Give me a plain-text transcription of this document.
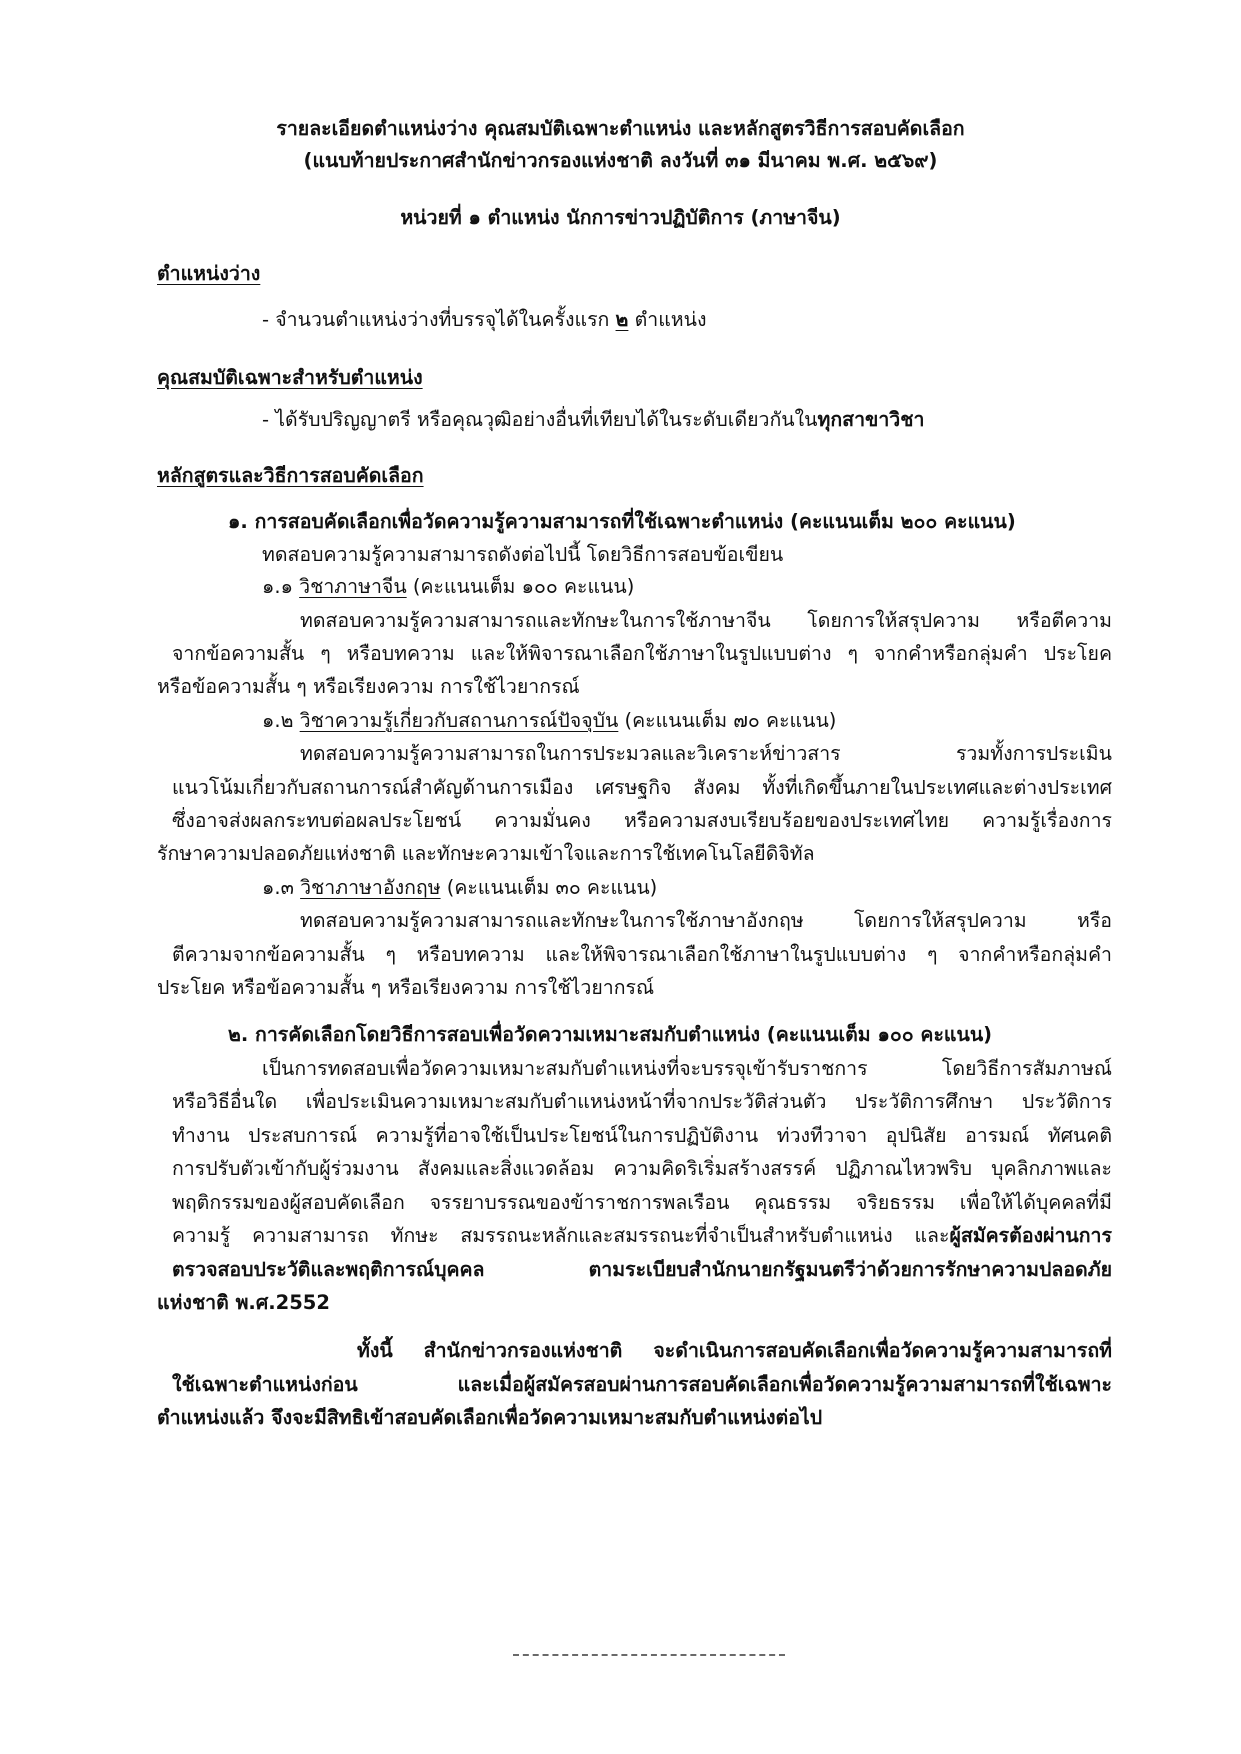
รายละเอียดตำแหน่งว่าง คุณสมบัติเฉพาะตำแหน่ง และหลักสูตรวิธีการสอบคัดเลือก
(แนบท้ายประกาศสำนักข่าวกรองแห่งชาติ ลงวันที่ ๓๑ มีนาคม พ.ศ. ๒๕๖๙)
หน่วยที่ ๑ ตำแหน่ง นักการข่าวปฏิบัติการ (ภาษาจีน)
ตำแหน่งว่าง
- จำนวนตำแหน่งว่างที่บรรจุได้ในครั้งแรก ๒ ตำแหน่ง
คุณสมบัติเฉพาะสำหรับตำแหน่ง
- ได้รับปริญญาตรี หรือคุณวุฒิอย่างอื่นที่เทียบได้ในระดับเดียวกันในทุกสาขาวิชา
หลักสูตรและวิธีการสอบคัดเลือก
๑. การสอบคัดเลือกเพื่อวัดความรู้ความสามารถที่ใช้เฉพาะตำแหน่ง (คะแนนเต็ม ๒๐๐ คะแนน)
ทดสอบความรู้ความสามารถดังต่อไปนี้ โดยวิธีการสอบข้อเขียน
๑.๑ วิชาภาษาจีน (คะแนนเต็ม ๑๐๐ คะแนน)
ทดสอบความรู้ความสามารถและทักษะในการใช้ภาษาจีน โดยการให้สรุปความ หรือตีความ
จากข้อความสั้น ๆ หรือบทความ และให้พิจารณาเลือกใช้ภาษาในรูปแบบต่าง ๆ จากคำหรือกลุ่มคำ ประโยค
หรือข้อความสั้น ๆ หรือเรียงความ การใช้ไวยากรณ์
๑.๒ วิชาความรู้เกี่ยวกับสถานการณ์ปัจจุบัน (คะแนนเต็ม ๗๐ คะแนน)
ทดสอบความรู้ความสามารถในการประมวลและวิเคราะห์ข่าวสาร รวมทั้งการประเมิน
แนวโน้มเกี่ยวกับสถานการณ์สำคัญด้านการเมือง เศรษฐกิจ สังคม ทั้งที่เกิดขึ้นภายในประเทศและต่างประเทศ
ซึ่งอาจส่งผลกระทบต่อผลประโยชน์ ความมั่นคง หรือความสงบเรียบร้อยของประเทศไทย ความรู้เรื่องการ
รักษาความปลอดภัยแห่งชาติ และทักษะความเข้าใจและการใช้เทคโนโลยีดิจิทัล
๑.๓ วิชาภาษาอังกฤษ (คะแนนเต็ม ๓๐ คะแนน)
ทดสอบความรู้ความสามารถและทักษะในการใช้ภาษาอังกฤษ โดยการให้สรุปความ หรือ
ตีความจากข้อความสั้น ๆ หรือบทความ และให้พิจารณาเลือกใช้ภาษาในรูปแบบต่าง ๆ จากคำหรือกลุ่มคำ
ประโยค หรือข้อความสั้น ๆ หรือเรียงความ การใช้ไวยากรณ์
๒. การคัดเลือกโดยวิธีการสอบเพื่อวัดความเหมาะสมกับตำแหน่ง (คะแนนเต็ม ๑๐๐ คะแนน)
เป็นการทดสอบเพื่อวัดความเหมาะสมกับตำแหน่งที่จะบรรจุเข้ารับราชการ โดยวิธีการสัมภาษณ์
หรือวิธีอื่นใด เพื่อประเมินความเหมาะสมกับตำแหน่งหน้าที่จากประวัติส่วนตัว ประวัติการศึกษา ประวัติการ
ทำงาน ประสบการณ์ ความรู้ที่อาจใช้เป็นประโยชน์ในการปฏิบัติงาน ท่วงทีวาจา อุปนิสัย อารมณ์ ทัศนคติ
การปรับตัวเข้ากับผู้ร่วมงาน สังคมและสิ่งแวดล้อม ความคิดริเริ่มสร้างสรรค์ ปฏิภาณไหวพริบ บุคลิกภาพและ
พฤติกรรมของผู้สอบคัดเลือก จรรยาบรรณของข้าราชการพลเรือน คุณธรรม จริยธรรม เพื่อให้ได้บุคคลที่มี
ความรู้ ความสามารถ ทักษะ สมรรถนะหลักและสมรรถนะที่จำเป็นสำหรับตำแหน่ง และผู้สมัครต้องผ่านการ
ตรวจสอบประวัติและพฤติการณ์บุคคล ตามระเบียบสำนักนายกรัฐมนตรีว่าด้วยการรักษาความปลอดภัย
แห่งชาติ พ.ศ.2552
ทั้งนี้ สำนักข่าวกรองแห่งชาติ จะดำเนินการสอบคัดเลือกเพื่อวัดความรู้ความสามารถที่
ใช้เฉพาะตำแหน่งก่อน และเมื่อผู้สมัครสอบผ่านการสอบคัดเลือกเพื่อวัดความรู้ความสามารถที่ใช้เฉพาะ
ตำแหน่งแล้ว จึงจะมีสิทธิเข้าสอบคัดเลือกเพื่อวัดความเหมาะสมกับตำแหน่งต่อไป
